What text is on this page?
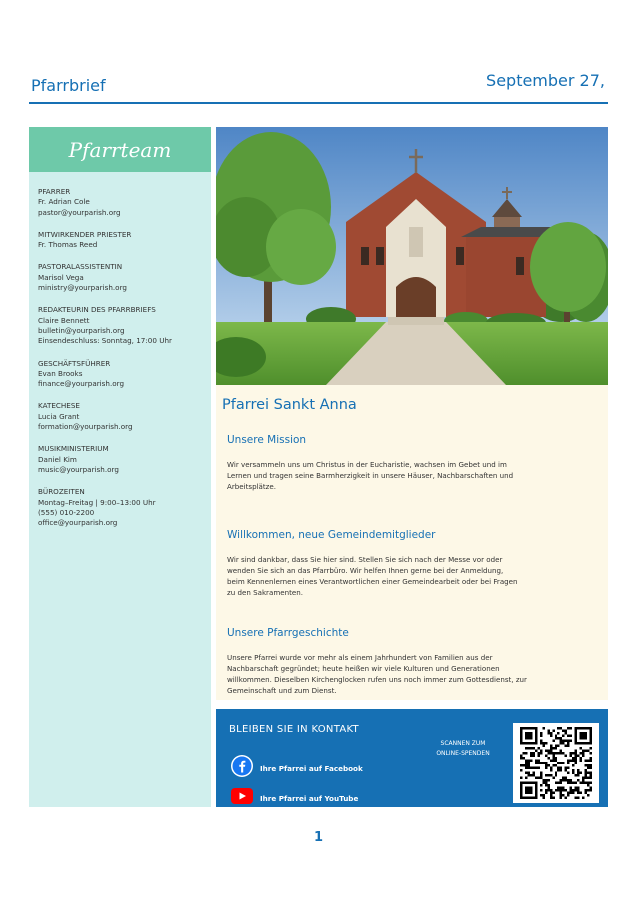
Pfarrbrief	September 27,
Pfarrteam
PFARRER
Fr. Adrian Cole
pastor@yourparish.org
MITWIRKENDER PRIESTER
Fr. Thomas Reed
PASTORALASSISTENTIN
Marisol Vega
ministry@yourparish.org
REDAKTEURIN DES PFARRBRIEFS
Claire Bennett
bulletin@yourparish.org
Einsendeschluss: Sonntag, 17:00 Uhr
GESCHÄFTSFÜHRER
Evan Brooks
finance@yourparish.org
KATECHESE
Lucia Grant
formation@yourparish.org
MUSIKMINISTERIUM
Daniel Kim
music@yourparish.org
BÜROZEITEN
Montag–Freitag | 9:00–13:00 Uhr
(555) 010-2200
office@yourparish.org
Pfarrei Sankt Anna
Unsere Mission

Wir versammeln uns um Christus in der Eucharistie, wachsen im Gebet und im
Lernen und tragen seine Barmherzigkeit in unsere Häuser, Nachbarschaften und
Arbeitsplätze.

Willkommen, neue Gemeindemitglieder

Wir sind dankbar, dass Sie hier sind. Stellen Sie sich nach der Messe vor oder
wenden Sie sich an das Pfarrbüro. Wir helfen Ihnen gerne bei der Anmeldung,
beim Kennenlernen eines Verantwortlichen einer Gemeindearbeit oder bei Fragen
zu den Sakramenten.

Unsere Pfarrgeschichte

Unsere Pfarrei wurde vor mehr als einem Jahrhundert von Familien aus der
Nachbarschaft gegründet; heute heißen wir viele Kulturen und Generationen
willkommen. Dieselben Kirchenglocken rufen uns noch immer zum Gottesdienst, zur
Gemeinschaft und zum Dienst.

BLEIBEN SIE IN KONTAKT
Ihre Pfarrei auf Facebook
Ihre Pfarrei auf YouTube
SCANNEN ZUM
ONLINE-SPENDEN
1
